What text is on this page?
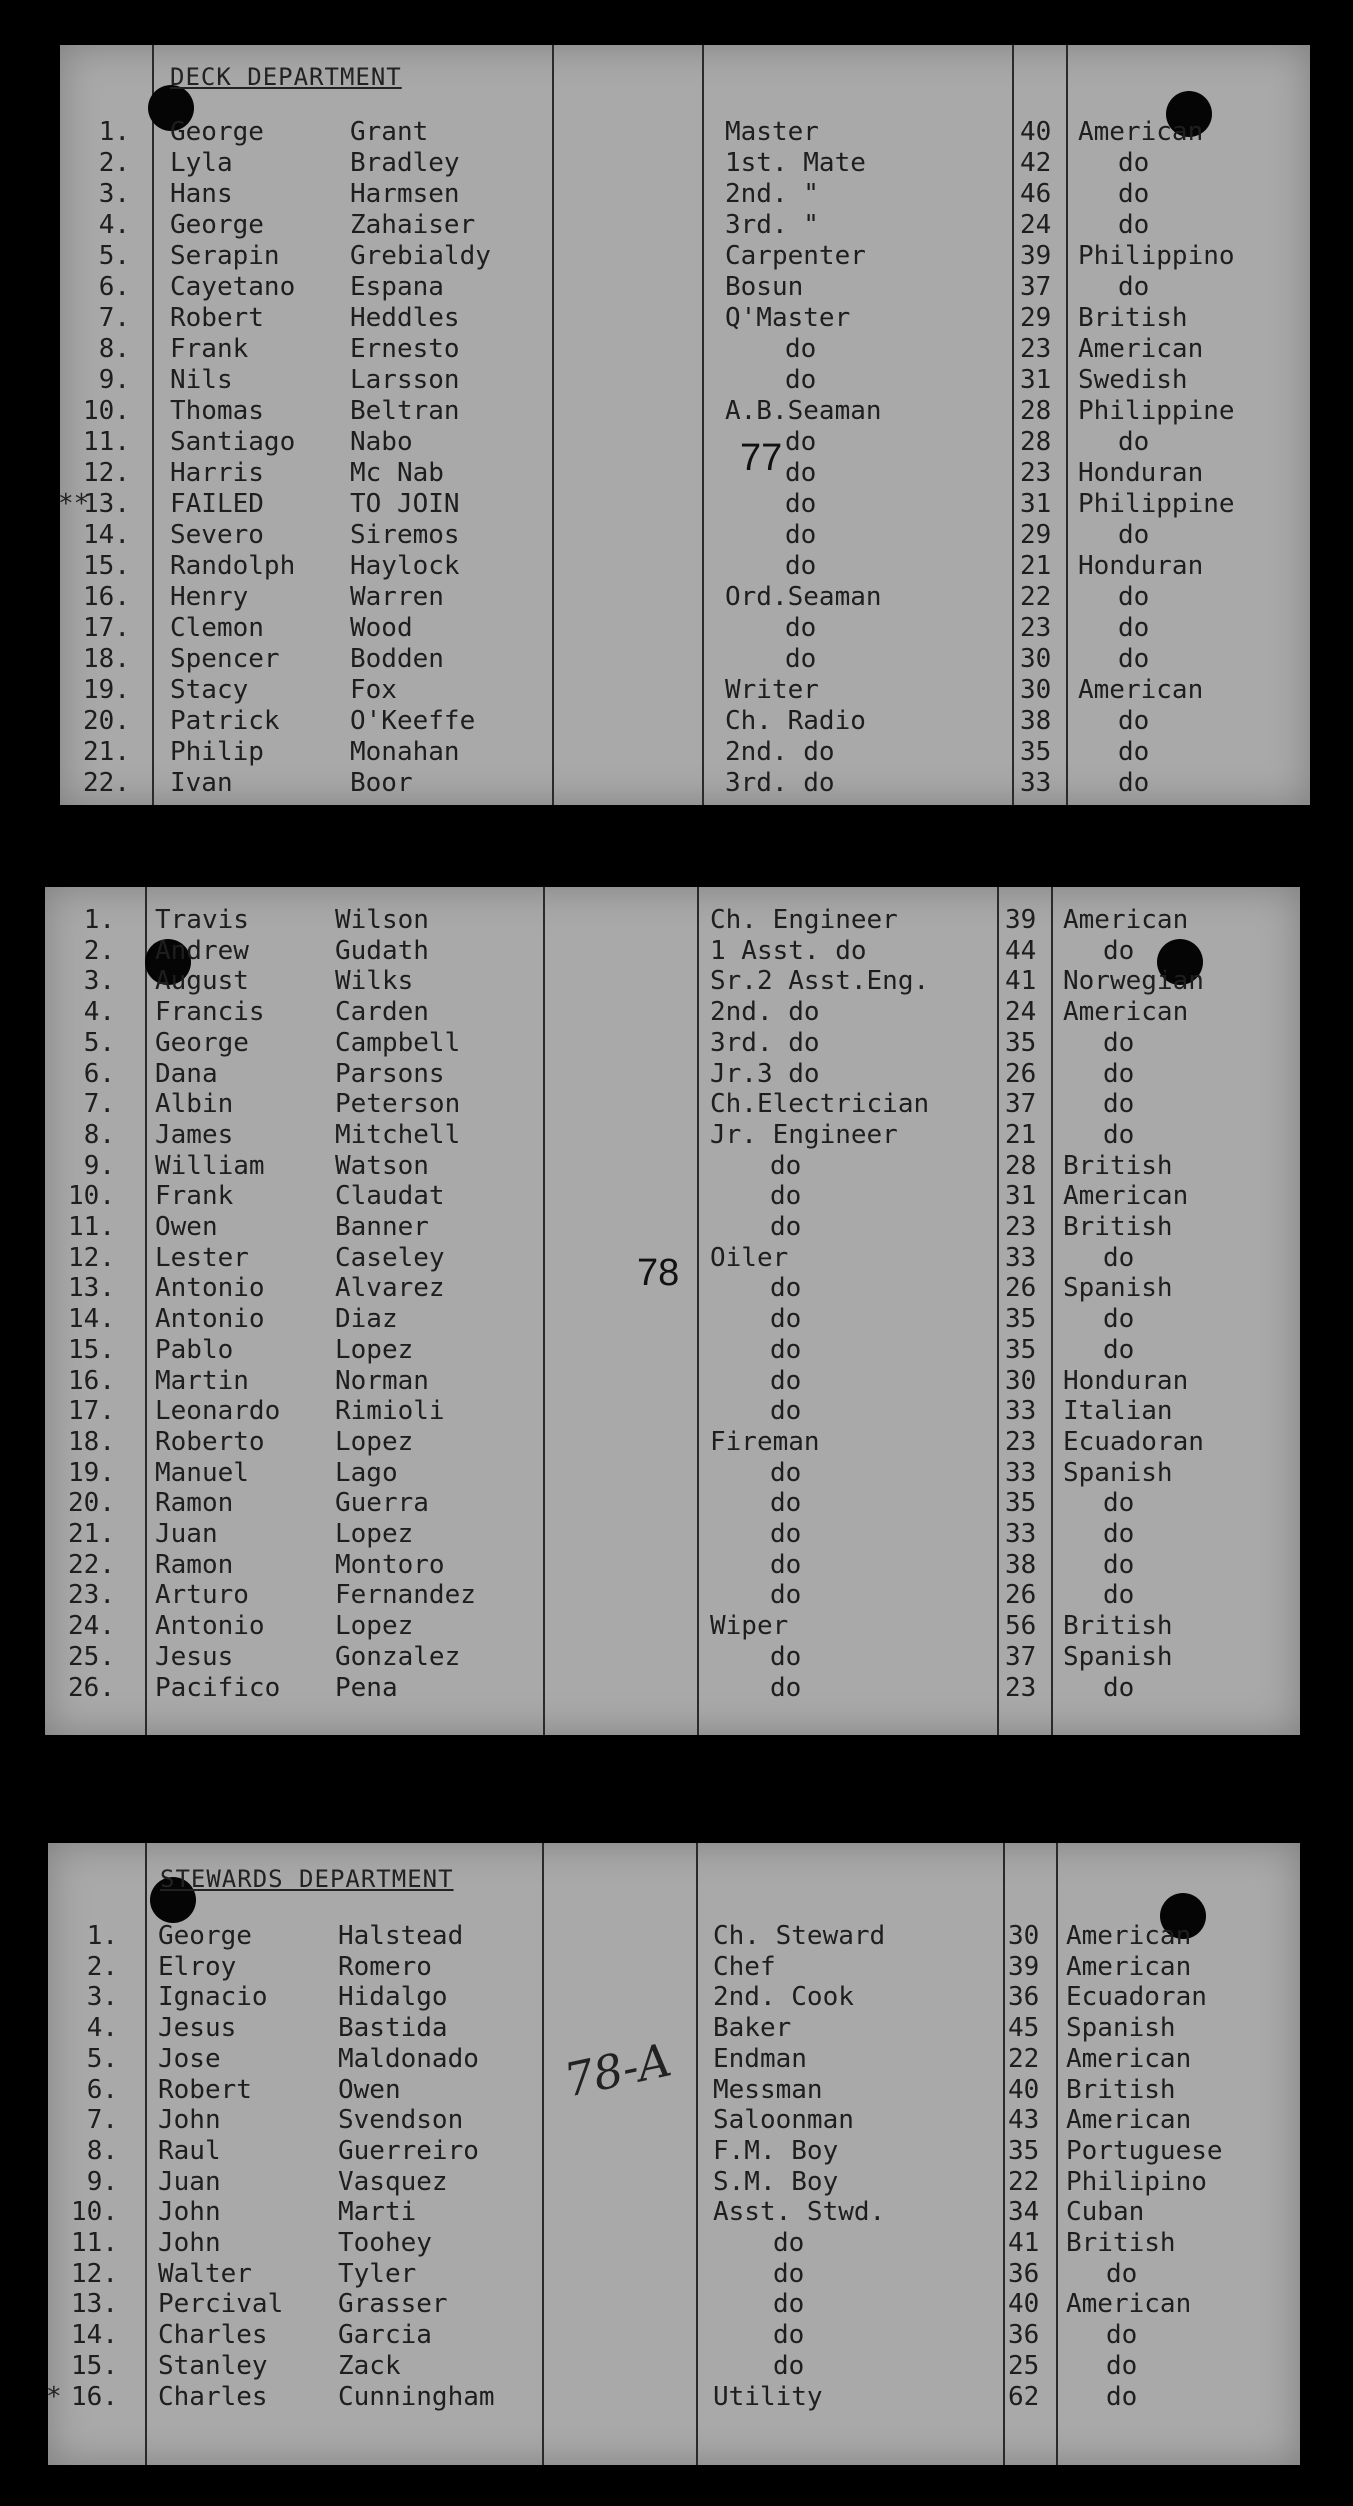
DECK DEPARTMENT
77
1. George	Grant	Master	40 American
2. Lyla	Bradley	1st. Mate	42	do
3. Hans	Harmsen	2nd. "	46	do
4. George	Zahaiser	3rd. "	24	do
5. Serapin	Grebialdy	Carpenter	39 Philippino
6. Cayetano Espana	Bosun	37	do
7. Robert	Heddles	Q'Master	29 British
8. Frank	Ernesto	do	23 American
9. Nils	Larsson	do	31 Swedish
10. Thomas	Beltran	A.B.Seaman	28 Philippine
11. Santiago Nabo	do	28	do
12. Harris	Mc Nab	do	23 Honduran
**
13. FAILED	TO JOIN	do	31 Philippine
14. Severo	Siremos	do	29	do
15. Randolph Haylock	do	21 Honduran
16. Henry	Warren	Ord.Seaman	22	do
17. Clemon	Wood	do	23	do
18. Spencer	Bodden	do	30	do
19. Stacy	Fox	Writer	30 American
20. Patrick	O'Keeffe	Ch. Radio	38	do
21. Philip	Monahan	2nd. do	35	do
22. Ivan	Boor	3rd. do	33	do
78
1. Travis	Wilson	Ch. Engineer	39 American
2. Andrew	Gudath	1 Asst. do	44	do
3. August	Wilks	Sr.2 Asst.Eng.	41 Norwegian
4. Francis	Carden	2nd. do	24 American
5. George	Campbell	3rd. do	35	do
6. Dana	Parsons	Jr.3 do	26	do
7. Albin	Peterson	Ch.Electrician	37	do
8. James	Mitchell	Jr. Engineer	21	do
9. William	Watson	do	28 British
10. Frank	Claudat	do	31 American
11. Owen	Banner	do	23 British
12. Lester	Caseley	Oiler	33	do
13. Antonio	Alvarez	do	26 Spanish
14. Antonio	Diaz	do	35	do
15. Pablo	Lopez	do	35	do
16. Martin	Norman	do	30 Honduran
17. Leonardo Rimioli	do	33 Italian
18. Roberto	Lopez	Fireman	23 Ecuadoran
19. Manuel	Lago	do	33 Spanish
20. Ramon	Guerra	do	35	do
21. Juan	Lopez	do	33	do
22. Ramon	Montoro	do	38	do
23. Arturo	Fernandez	do	26	do
24. Antonio	Lopez	Wiper	56 British
25. Jesus	Gonzalez	do	37 Spanish
26. Pacifico Pena	do	23	do
STEWARDS DEPARTMENT
78-A
1. George	Halstead	Ch. Steward	30 American
2. Elroy	Romero	Chef	39 American
3. Ignacio	Hidalgo	2nd. Cook	36 Ecuadoran
4. Jesus	Bastida	Baker	45 Spanish
5. Jose	Maldonado	Endman	22 American
6. Robert	Owen	Messman	40 British
7. John	Svendson	Saloonman	43 American
8. Raul	Guerreiro	F.M. Boy	35 Portuguese
9. Juan	Vasquez	S.M. Boy	22 Philipino
10. John	Marti	Asst. Stwd.	34 Cuban
11. John	Toohey	do	41 British
12. Walter	Tyler	do	36	do
13. Percival Grasser	do	40 American
14. Charles	Garcia	do	36	do
15. Stanley	Zack	do	25	do
* 16. Charles	Cunningham	Utility	62	do
